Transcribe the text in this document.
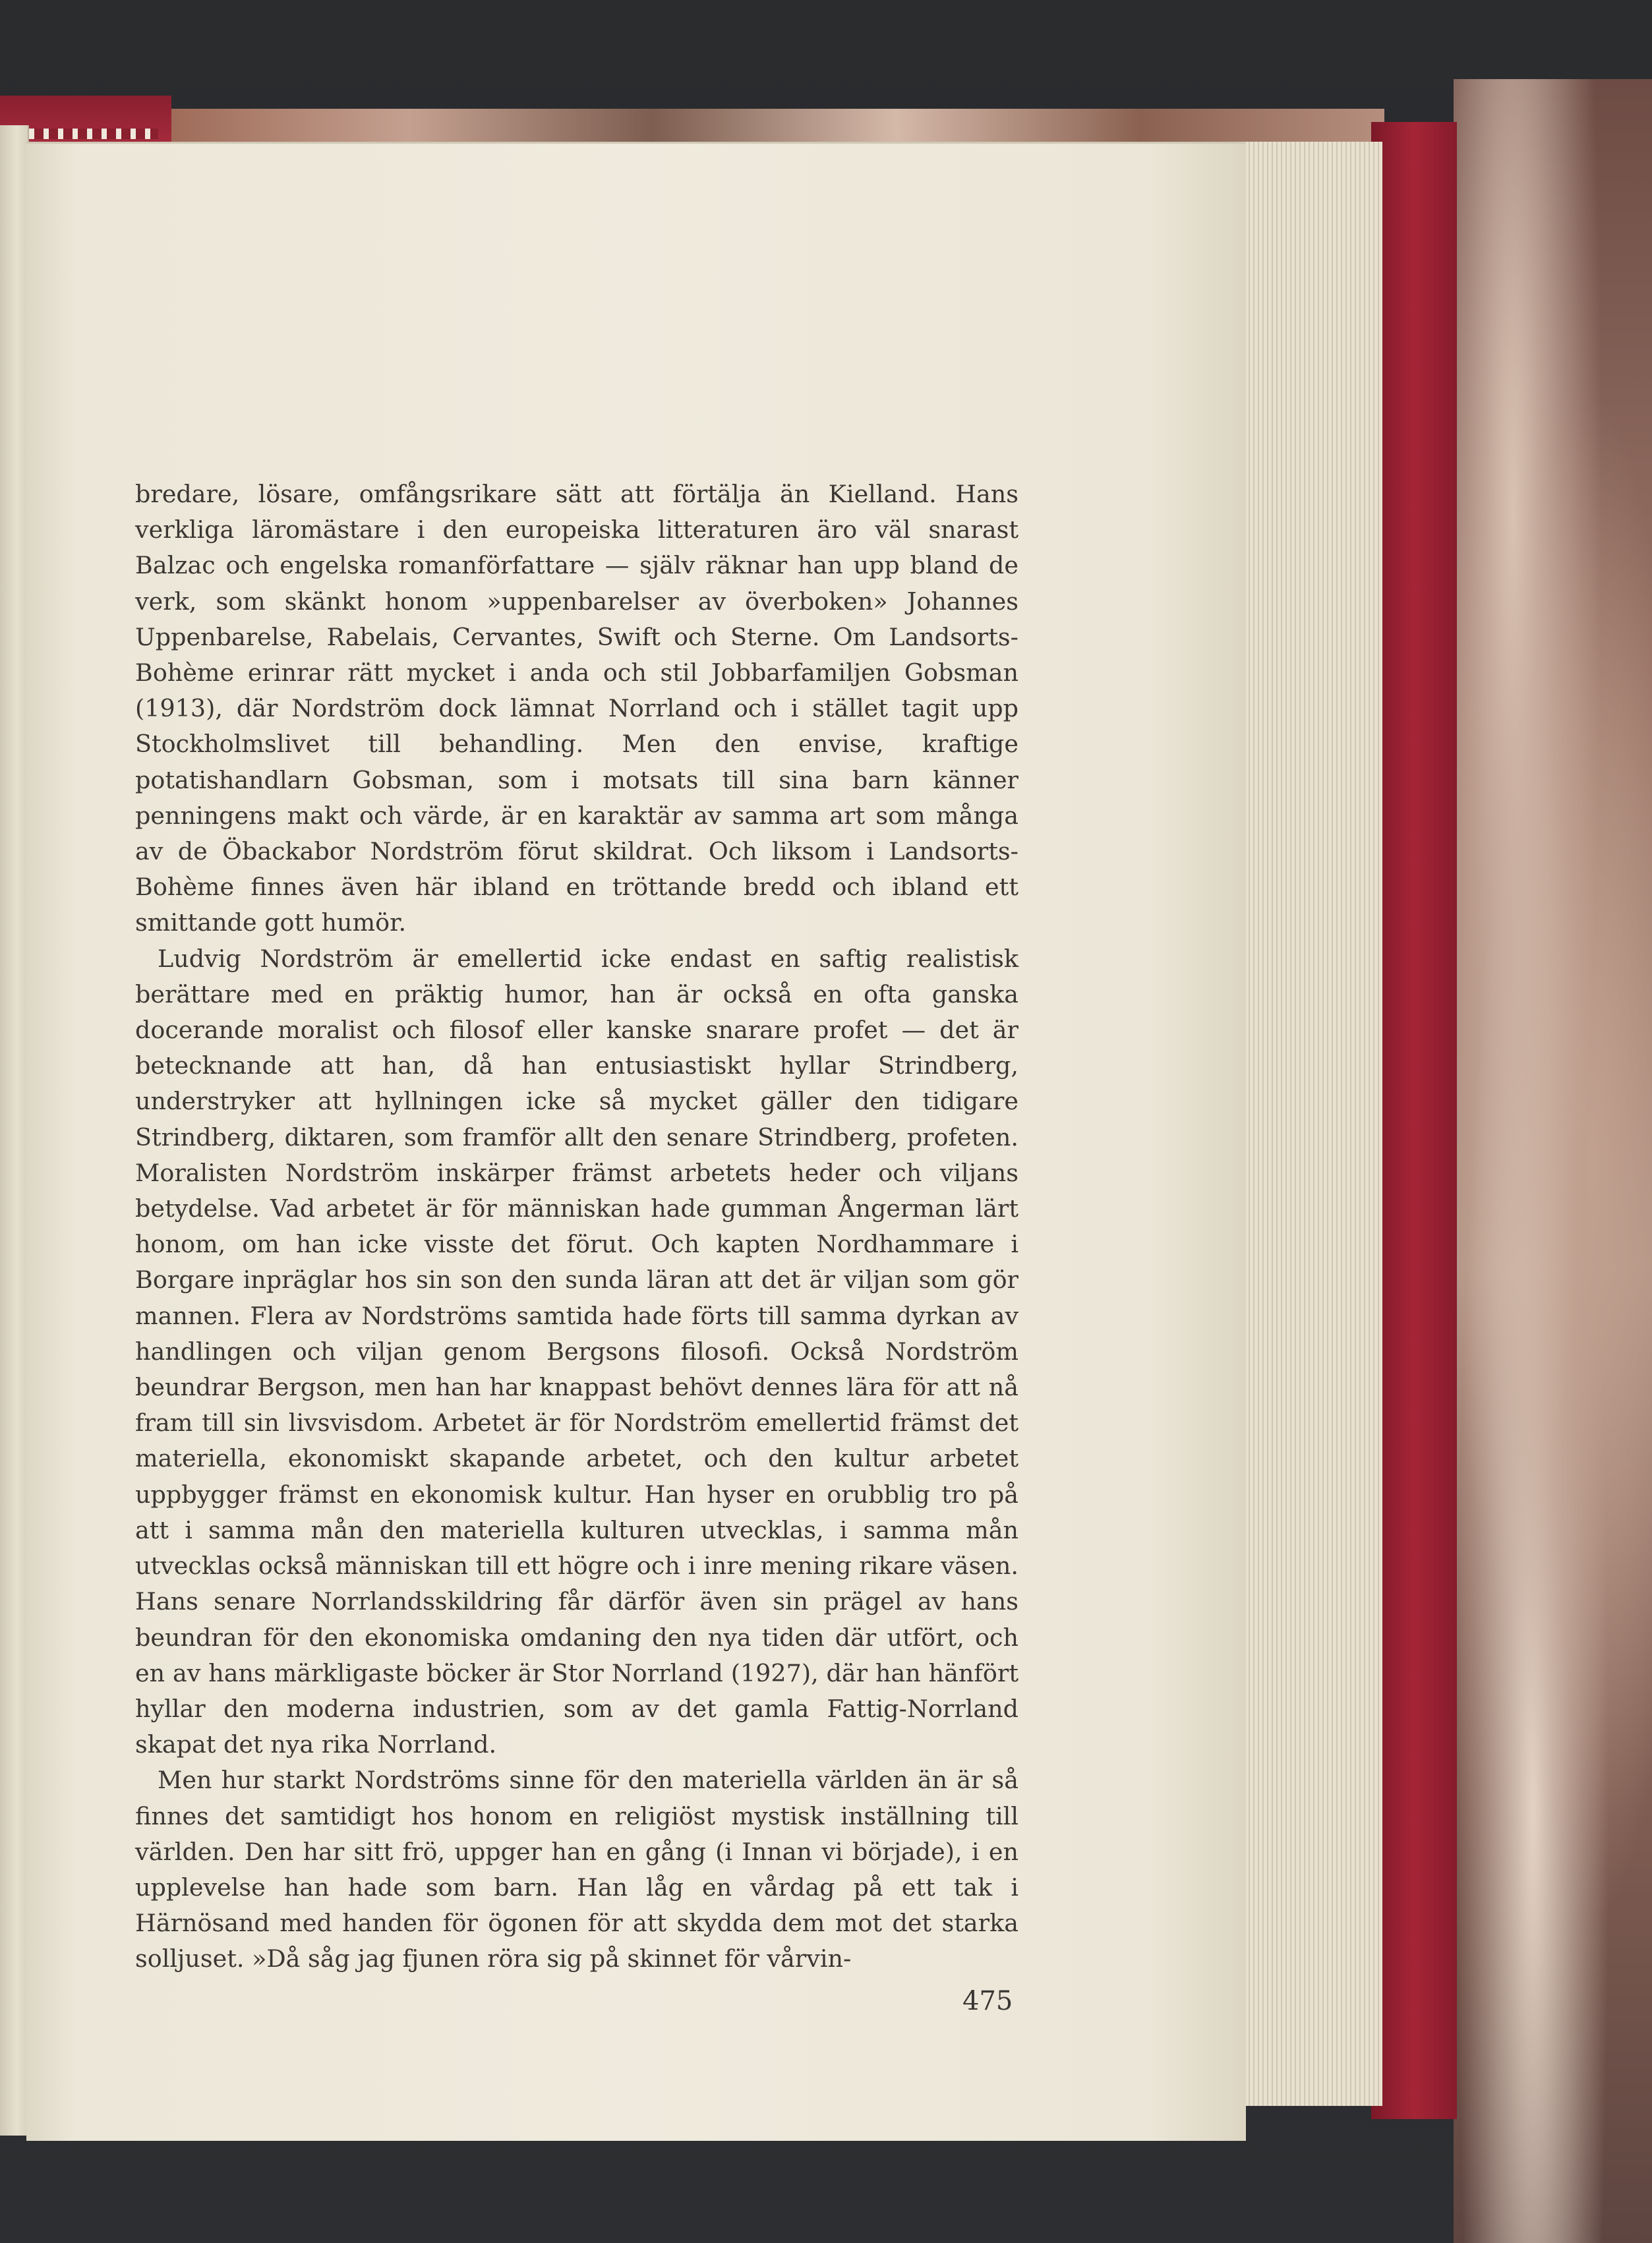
bredare, lösare, omfångsrikare sätt att förtälja än Kielland. Hans verkliga läromästare i den europeiska litteraturen äro väl snarast Balzac och engelska romanförfattare — själv räknar han upp bland de verk, som skänkt honom »uppenbarelser av överboken» Johannes Uppenbarelse, Rabelais, Cervantes, Swift och Sterne. Om Landsorts-Bohème erinrar rätt mycket i anda och stil Jobbarfamiljen Gobsman (1913), där Nordström dock lämnat Norrland och i stället tagit upp Stockholmslivet till behandling. Men den envise, kraftige potatishandlarn Gobsman, som i motsats till sina barn känner penningens makt och värde, är en karaktär av samma art som många av de Öbackabor Nordström förut skildrat. Och liksom i Landsorts-Bohème finnes även här ibland en tröttande bredd och ibland ett smittande gott humör.

Ludvig Nordström är emellertid icke endast en saftig realistisk berättare med en präktig humor, han är också en ofta ganska docerande moralist och filosof eller kanske snarare profet — det är betecknande att han, då han entusiastiskt hyllar Strindberg, understryker att hyllningen icke så mycket gäller den tidigare Strindberg, diktaren, som framför allt den senare Strindberg, profeten. Moralisten Nordström inskärper främst arbetets heder och viljans betydelse. Vad arbetet är för människan hade gumman Ångerman lärt honom, om han icke visste det förut. Och kapten Nordhammare i Borgare inpräglar hos sin son den sunda läran att det är viljan som gör mannen. Flera av Nordströms samtida hade förts till samma dyrkan av handlingen och viljan genom Bergsons filosofi. Också Nordström beundrar Bergson, men han har knappast behövt dennes lära för att nå fram till sin livsvisdom. Arbetet är för Nordström emellertid främst det materiella, ekonomiskt skapande arbetet, och den kultur arbetet uppbygger främst en ekonomisk kultur. Han hyser en orubblig tro på att i samma mån den materiella kulturen utvecklas, i samma mån utvecklas också människan till ett högre och i inre mening rikare väsen. Hans senare Norrlandsskildring får därför även sin prägel av hans beundran för den ekonomiska omdaning den nya tiden där utfört, och en av hans märkligaste böcker är Stor Norrland (1927), där han hänfört hyllar den moderna industrien, som av det gamla Fattig-Norrland skapat det nya rika Norrland.

Men hur starkt Nordströms sinne för den materiella världen än är så finnes det samtidigt hos honom en religiöst mystisk inställning till världen. Den har sitt frö, uppger han en gång (i Innan vi började), i en upplevelse han hade som barn. Han låg en vårdag på ett tak i Härnösand med handen för ögonen för att skydda dem mot det starka solljuset. »Då såg jag fjunen röra sig på skinnet för vårvin-

475
